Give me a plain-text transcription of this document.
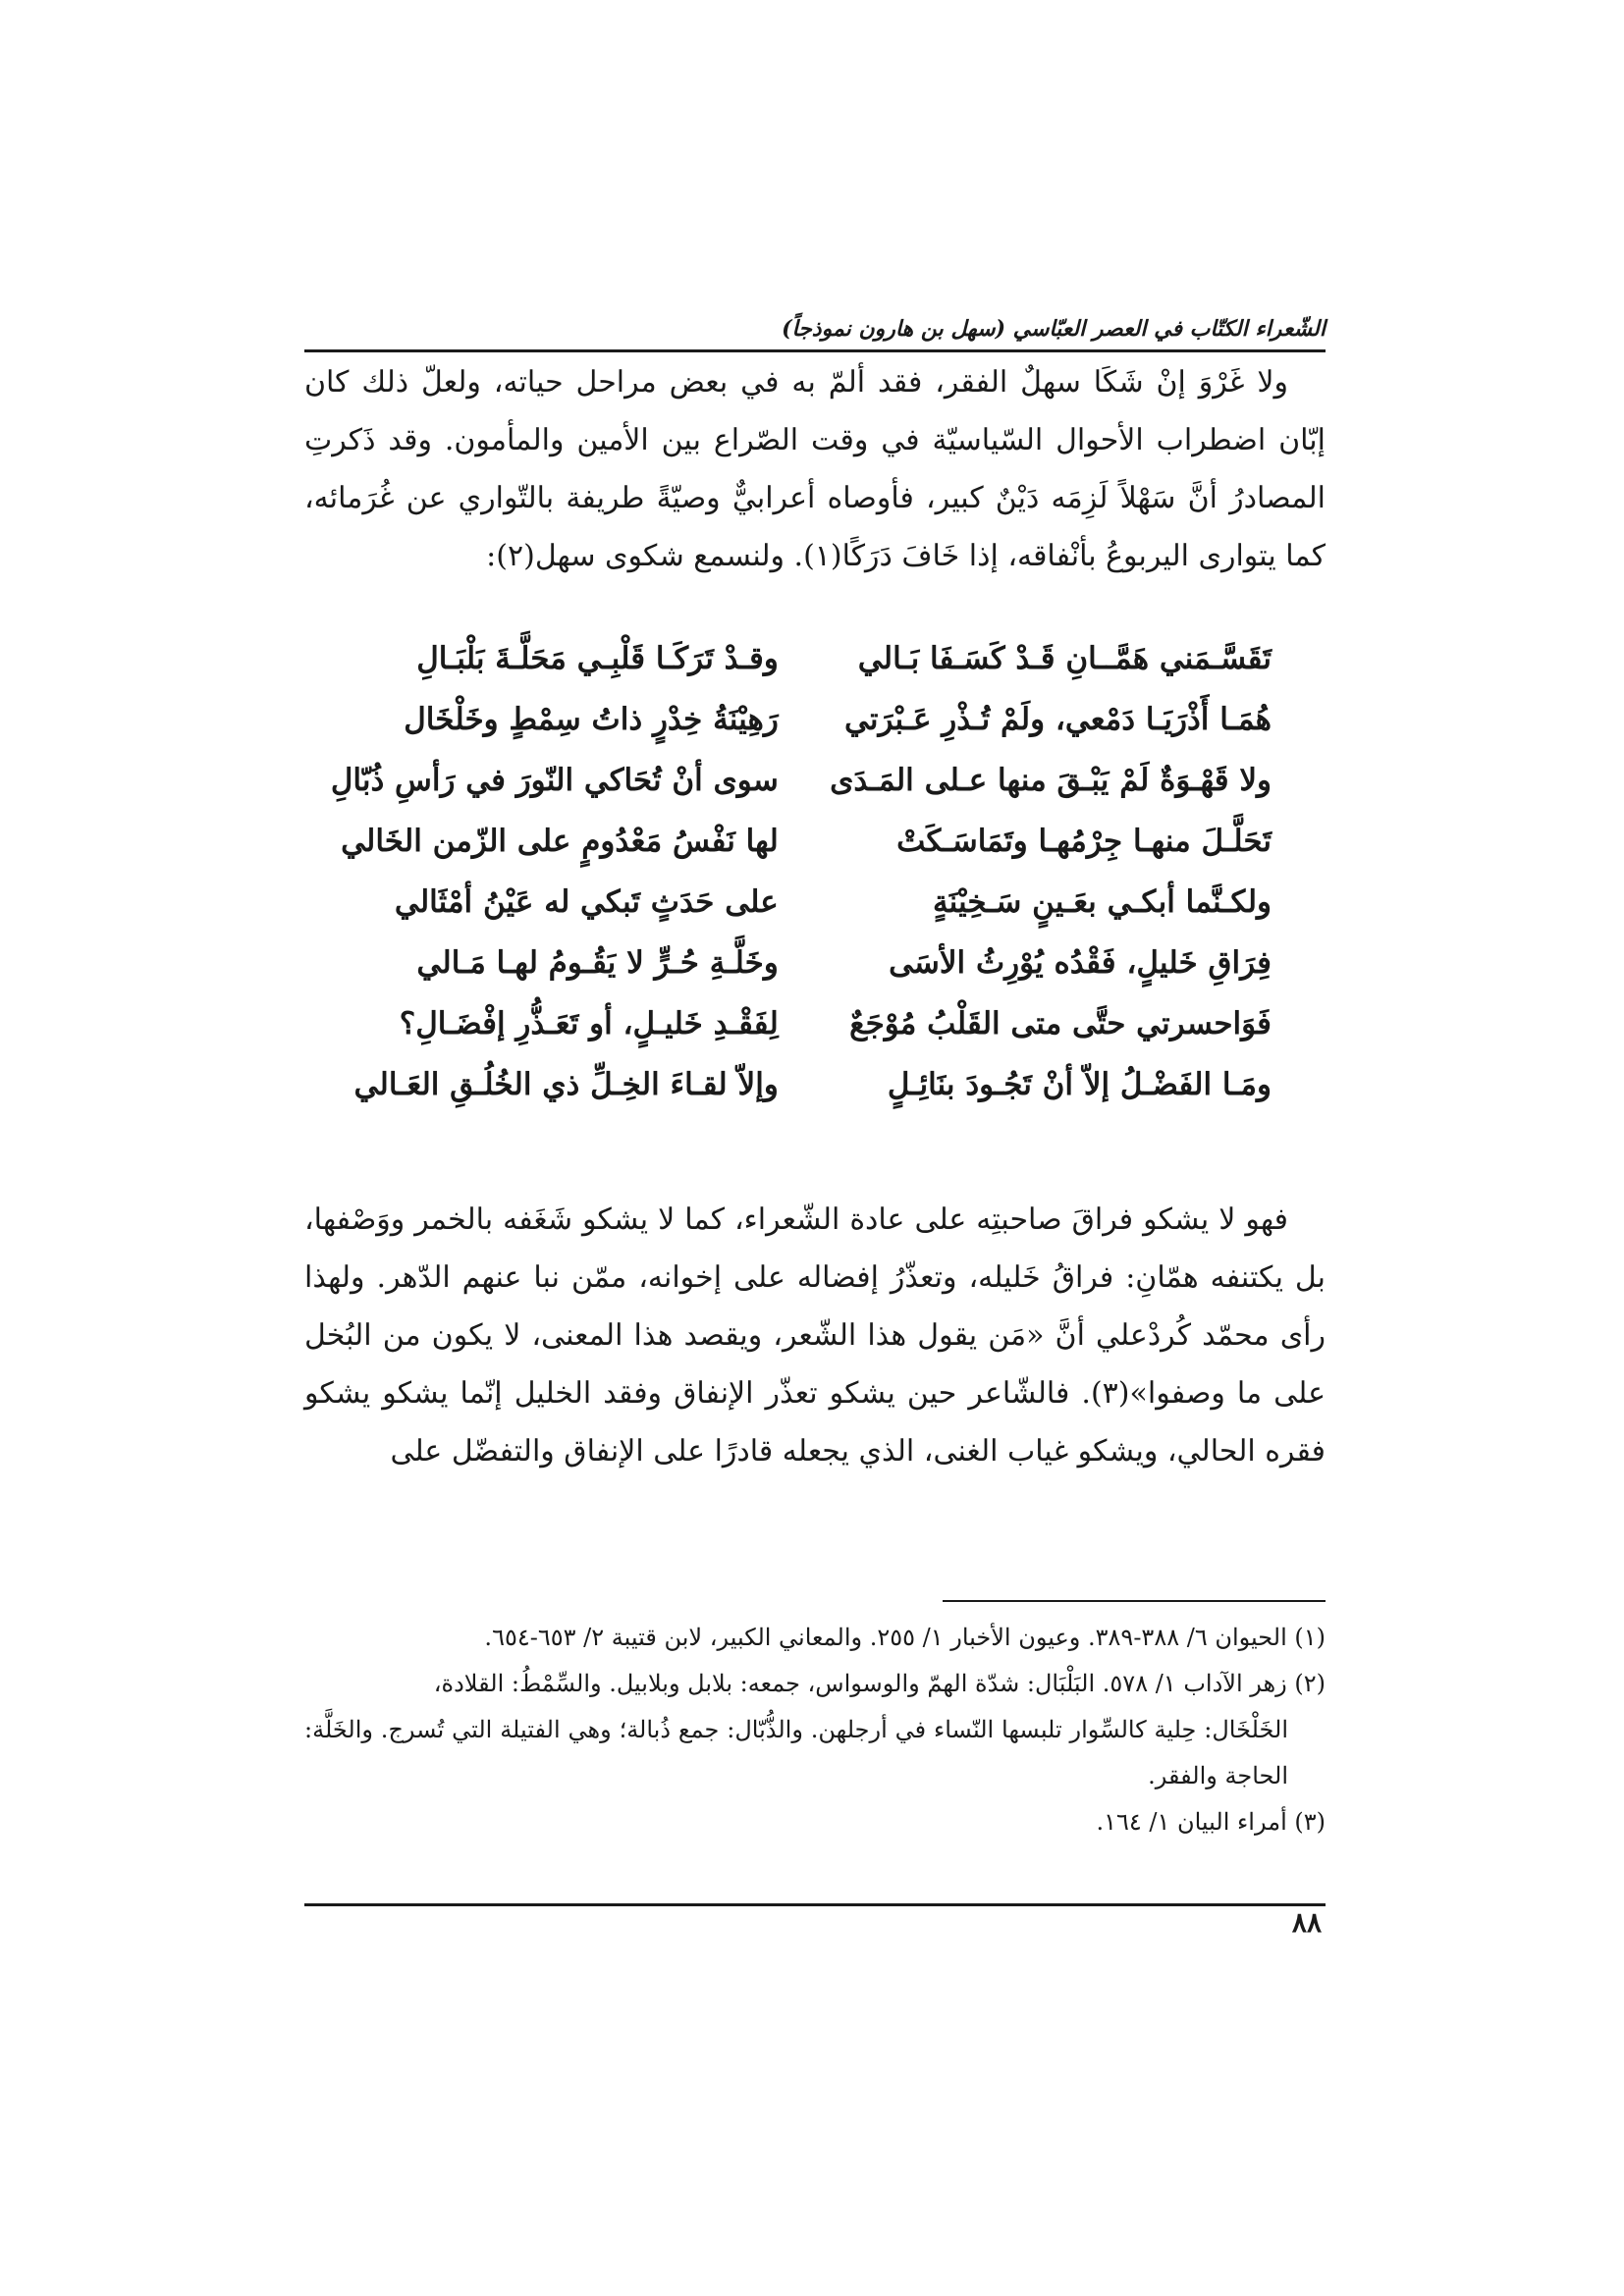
الشّعراء الكتّاب في العصر العبّاسي (سهل بن هارون نموذجاً)

ولا غَرْوَ إنْ شَكَا سهلٌ الفقر، فقد ألمّ به في بعض مراحل حياته، ولعلّ ذلك كان إبّان اضطراب الأحوال السّياسيّة في وقت الصّراع بين الأمين والمأمون. وقد ذَكرتِ المصادرُ أنَّ سَهْلاً لَزِمَه دَيْنٌ كبير، فأوصاه أعرابيٌّ وصيّةً طريفة بالتّواري عن غُرَمائه، كما يتوارى اليربوعُ بأنْفاقه، إذا خَافَ دَرَكًا(١). ولنسمع شكوى سهل(٢):

تَقَسَّـمَني هَمَّــانِ قَـدْ كَسَـفَا بَـالي
وقـدْ تَرَكَـا قَلْبِـي مَحَلَّـةَ بَلْبَـالِ
هُمَـا أَذْرَيَـا دَمْعي، ولَمْ تُـذْرِ عَـبْرَتي
رَهِيْنَةُ خِدْرٍ ذاتُ سِمْطٍ وخَلْخَال
ولا قَهْـوَةٌ لَمْ يَبْـقَ منها عـلى المَـدَى
سوى أنْ تُحَاكي النّورَ في رَأسِ ذُبّالِ
تَحَلَّـلَ منهـا جِرْمُهـا وتَمَاسَـكَتْ
لها نَفْسُ مَعْدُومٍ على الزّمن الخَالي
ولكـنَّما أبكـي بعَـينٍ سَـخِيْنَةٍ
على حَدَثٍ تَبكي له عَيْنُ أمْثَالي
فِرَاقِ خَليلٍ، فَقْدُه يُوْرِثُ الأسَى
وخَلَّـةِ حُـرٍّ لا يَقُـومُ لهـا مَـالي
فَوَاحسرتي حتَّى متى القَلْبُ مُوْجَعٌ
لِفَقْـدِ خَليـلٍ، أو تَعَـذُّرِ إفْضَـالِ؟
ومَـا الفَضْـلُ إلاّ أنْ تَجُـودَ بنَائِـلٍ
وإلاّ لقـاءَ الخِـلِّ ذي الخُلُـقِ العَـالي

فهو لا يشكو فراقَ صاحبتِه على عادة الشّعراء، كما لا يشكو شَغَفه بالخمر ووَصْفها، بل يكتنفه همّانِ: فراقُ خَليله، وتعذّرُ إفضاله على إخوانه، ممّن نبا عنهم الدّهر. ولهذا رأى محمّد كُردْعلي أنَّ «مَن يقول هذا الشّعر، ويقصد هذا المعنى، لا يكون من البُخل على ما وصفوا»(٣). فالشّاعر حين يشكو تعذّر الإنفاق وفقد الخليل إنّما يشكو يشكو فقره الحالي، ويشكو غياب الغنى، الذي يجعله قادرًا على الإنفاق والتفضّل على

(١) الحيوان ٦/ ٣٨٨-٣٨٩. وعيون الأخبار ١/ ٢٥٥. والمعاني الكبير، لابن قتيبة ٢/ ٦٥٣-٦٥٤.

(٢) زهر الآداب ١/ ٥٧٨. البَلْبَال: شدّة الهمّ والوسواس، جمعه: بلابل وبلابيل. والسِّمْطُ: القلادة،

الخَلْخَال: حِلية كالسِّوار تلبسها النّساء في أرجلهن. والذُّبّال: جمع ذُبالة؛ وهي الفتيلة التي تُسرج. والخَلَّة: الحاجة والفقر.

(٣) أمراء البيان ١/ ١٦٤.

٨٨
